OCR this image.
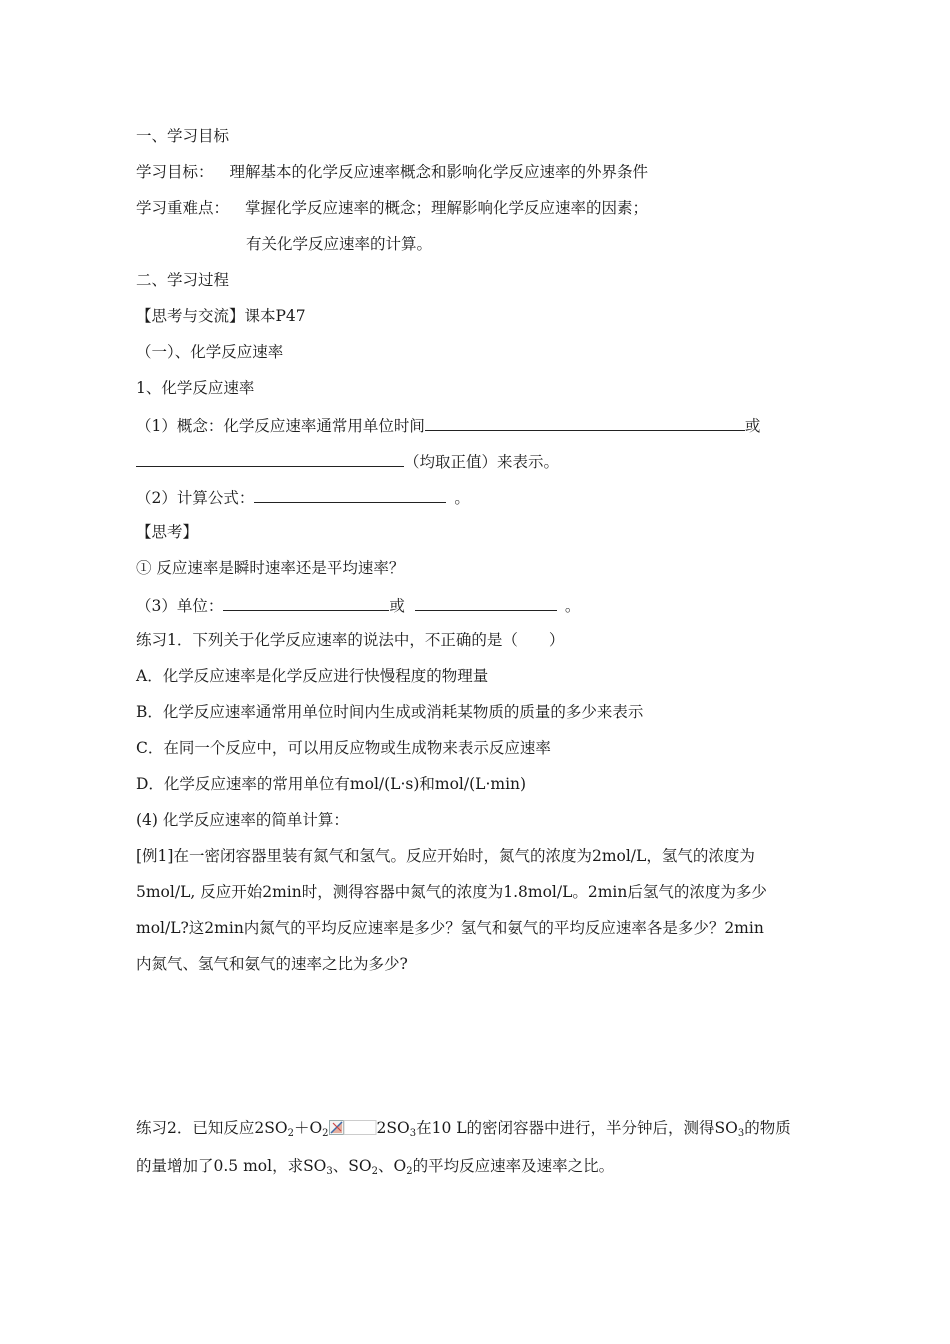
一、学习目标
学习目标： 理解基本的化学反应速率概念和影响化学反应速率的外界条件
学习重难点： 掌握化学反应速率的概念；理解影响化学反应速率的因素；
有关化学反应速率的计算。
二、学习过程
【思考与交流】课本P47
（一）、化学反应速率
1、化学反应速率
（1）概念：化学反应速率通常用单位时间	或
（均取正值）来表示。
（2）计算公式：	。
【思考】
① 反应速率是瞬时速率还是平均速率？
（3）单位：	或	。
练习1．下列关于化学反应速率的说法中，不正确的是（　　）
A．化学反应速率是化学反应进行快慢程度的物理量
B．化学反应速率通常用单位时间内生成或消耗某物质的质量的多少来表示
C．在同一个反应中，可以用反应物或生成物来表示反应速率
D．化学反应速率的常用单位有mol/(L·s)和mol/(L·min)
(4) 化学反应速率的简单计算：
[例1]在一密闭容器里装有氮气和氢气。反应开始时，氮气的浓度为2mol/L，氢气的浓度为
5mol/L, 反应开始2min时，测得容器中氮气的浓度为1.8mol/L。2min后氢气的浓度为多少
mol/L?这2min内氮气的平均反应速率是多少？氢气和氨气的平均反应速率各是多少？2min
内氮气、氢气和氨气的速率之比为多少?
练习2．已知反应$2SO_2+O_2$	$2SO_3$在10 L的密闭容器中进行，半分钟后，测得$SO_3$的物质
的量增加了0.5 mol，求$SO_3$、$SO_2$、$O_2$的平均反应速率及速率之比。
